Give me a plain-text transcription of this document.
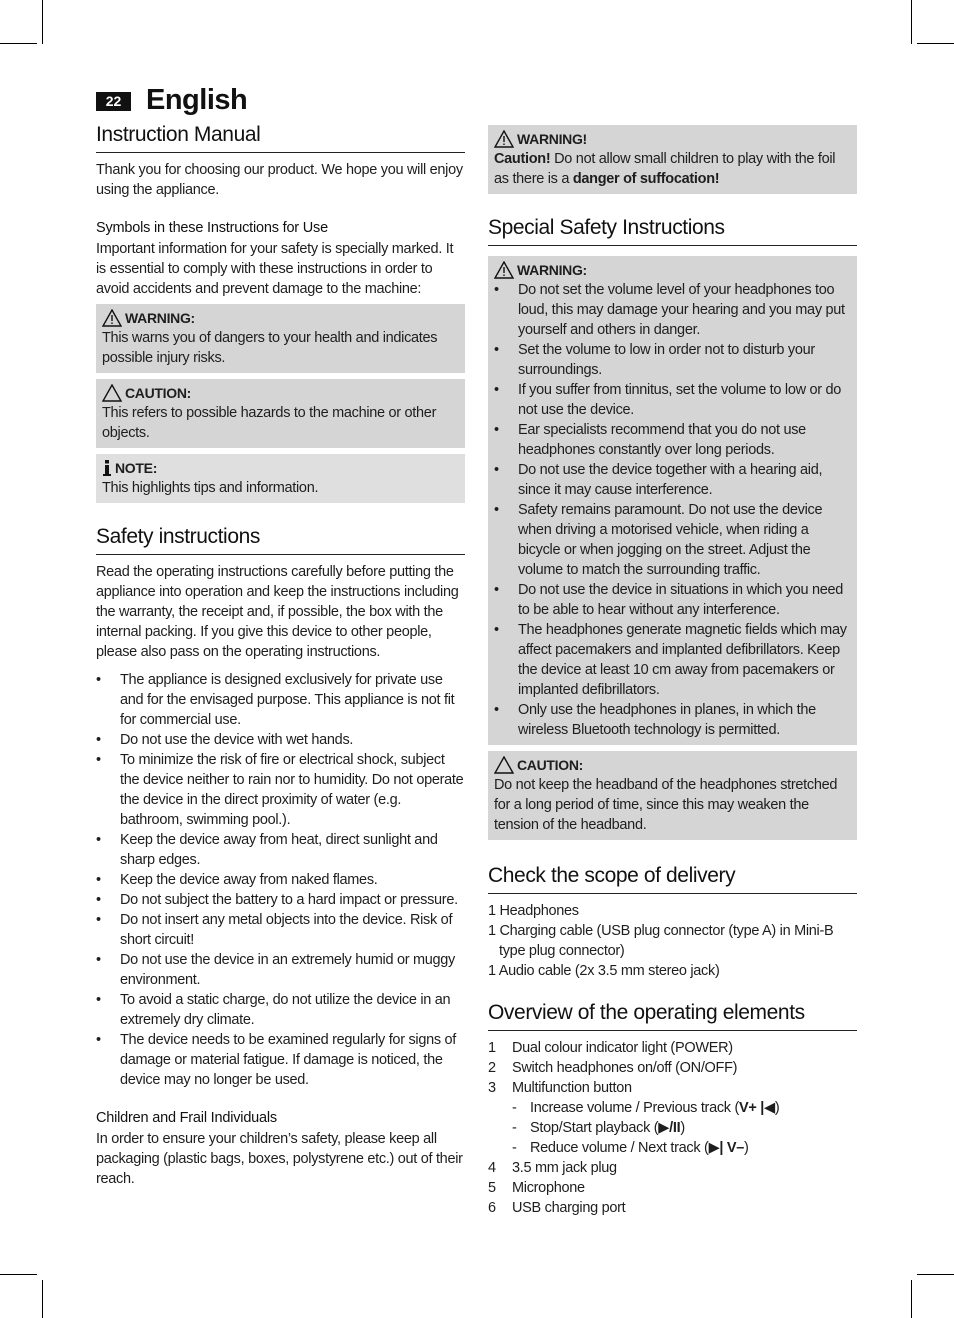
22 English
Instruction Manual

Thank you for choosing our product. We hope you will enjoy using the appliance.

Symbols in these Instructions for Use

Important information for your safety is specially marked. It is essential to comply with these instructions in order to avoid accidents and prevent damage to the machine:

WARNING:
This warns you of dangers to your health and indicates possible injury risks.
CAUTION:
This refers to possible hazards to the machine or other objects.
NOTE:
This highlights tips and information.
Safety instructions

Read the operating instructions carefully before putting the appliance into operation and keep the instructions including the warranty, the receipt and, if possible, the box with the internal packing. If you give this device to other people, please also pass on the operating instructions.

• The appliance is designed exclusively for private use and for the envisaged purpose. This appliance is not fit for commercial use.
• Do not use the device with wet hands.
• To minimize the risk of fire or electrical shock, subject the device neither to rain nor to humidity. Do not operate the device in the direct proximity of water (e.g. bathroom, swimming pool.).
• Keep the device away from heat, direct sunlight and sharp edges.
• Keep the device away from naked flames.
• Do not subject the battery to a hard impact or pressure.
• Do not insert any metal objects into the device. Risk of short circuit!
• Do not use the device in an extremely humid or muggy environment.
• To avoid a static charge, do not utilize the device in an extremely dry climate.
• The device needs to be examined regularly for signs of damage or material fatigue. If damage is noticed, the device may no longer be used.
Children and Frail Individuals

In order to ensure your children’s safety, please keep all packaging (plastic bags, boxes, polystyrene etc.) out of their reach.

WARNING!
Caution! Do not allow small children to play with the foil as there is a danger of suffocation!
Special Safety Instructions
WARNING:
• Do not set the volume level of your headphones too loud, this may damage your hearing and you may put yourself and others in danger.
• Set the volume to low in order not to disturb your surroundings.
• If you suffer from tinnitus, set the volume to low or do not use the device.
• Ear specialists recommend that you do not use headphones constantly over long periods.
• Do not use the device together with a hearing aid, since it may cause interference.
• Safety remains paramount. Do not use the device when driving a motorised vehicle, when riding a bicycle or when jogging on the street. Adjust the volume to match the surrounding traffic.
• Do not use the device in situations in which you need to be able to hear without any interference.
• The headphones generate magnetic fields which may affect pacemakers and implanted defibrillators. Keep the device at least 10 cm away from pacemakers or implanted defibrillators.
• Only use the headphones in planes, in which the wireless Bluetooth technology is permitted.
CAUTION:
Do not keep the headband of the headphones stretched for a long period of time, since this may weaken the tension of the headband.
Check the scope of delivery
1 Headphones
1 Charging cable (USB plug connector (type A) in Mini-B type plug connector)
1 Audio cable (2x 3.5 mm stereo jack)
Overview of the operating elements
1	Dual colour indicator light (POWER)
2	Switch headphones on/off (ON/OFF)
3	Multifunction button
- Increase volume / Previous track (V+ |◀)
- Stop/Start playback (▶/II)
- Reduce volume / Next track (▶| V–)
4	3.5 mm jack plug
5	Microphone
6	USB charging port
